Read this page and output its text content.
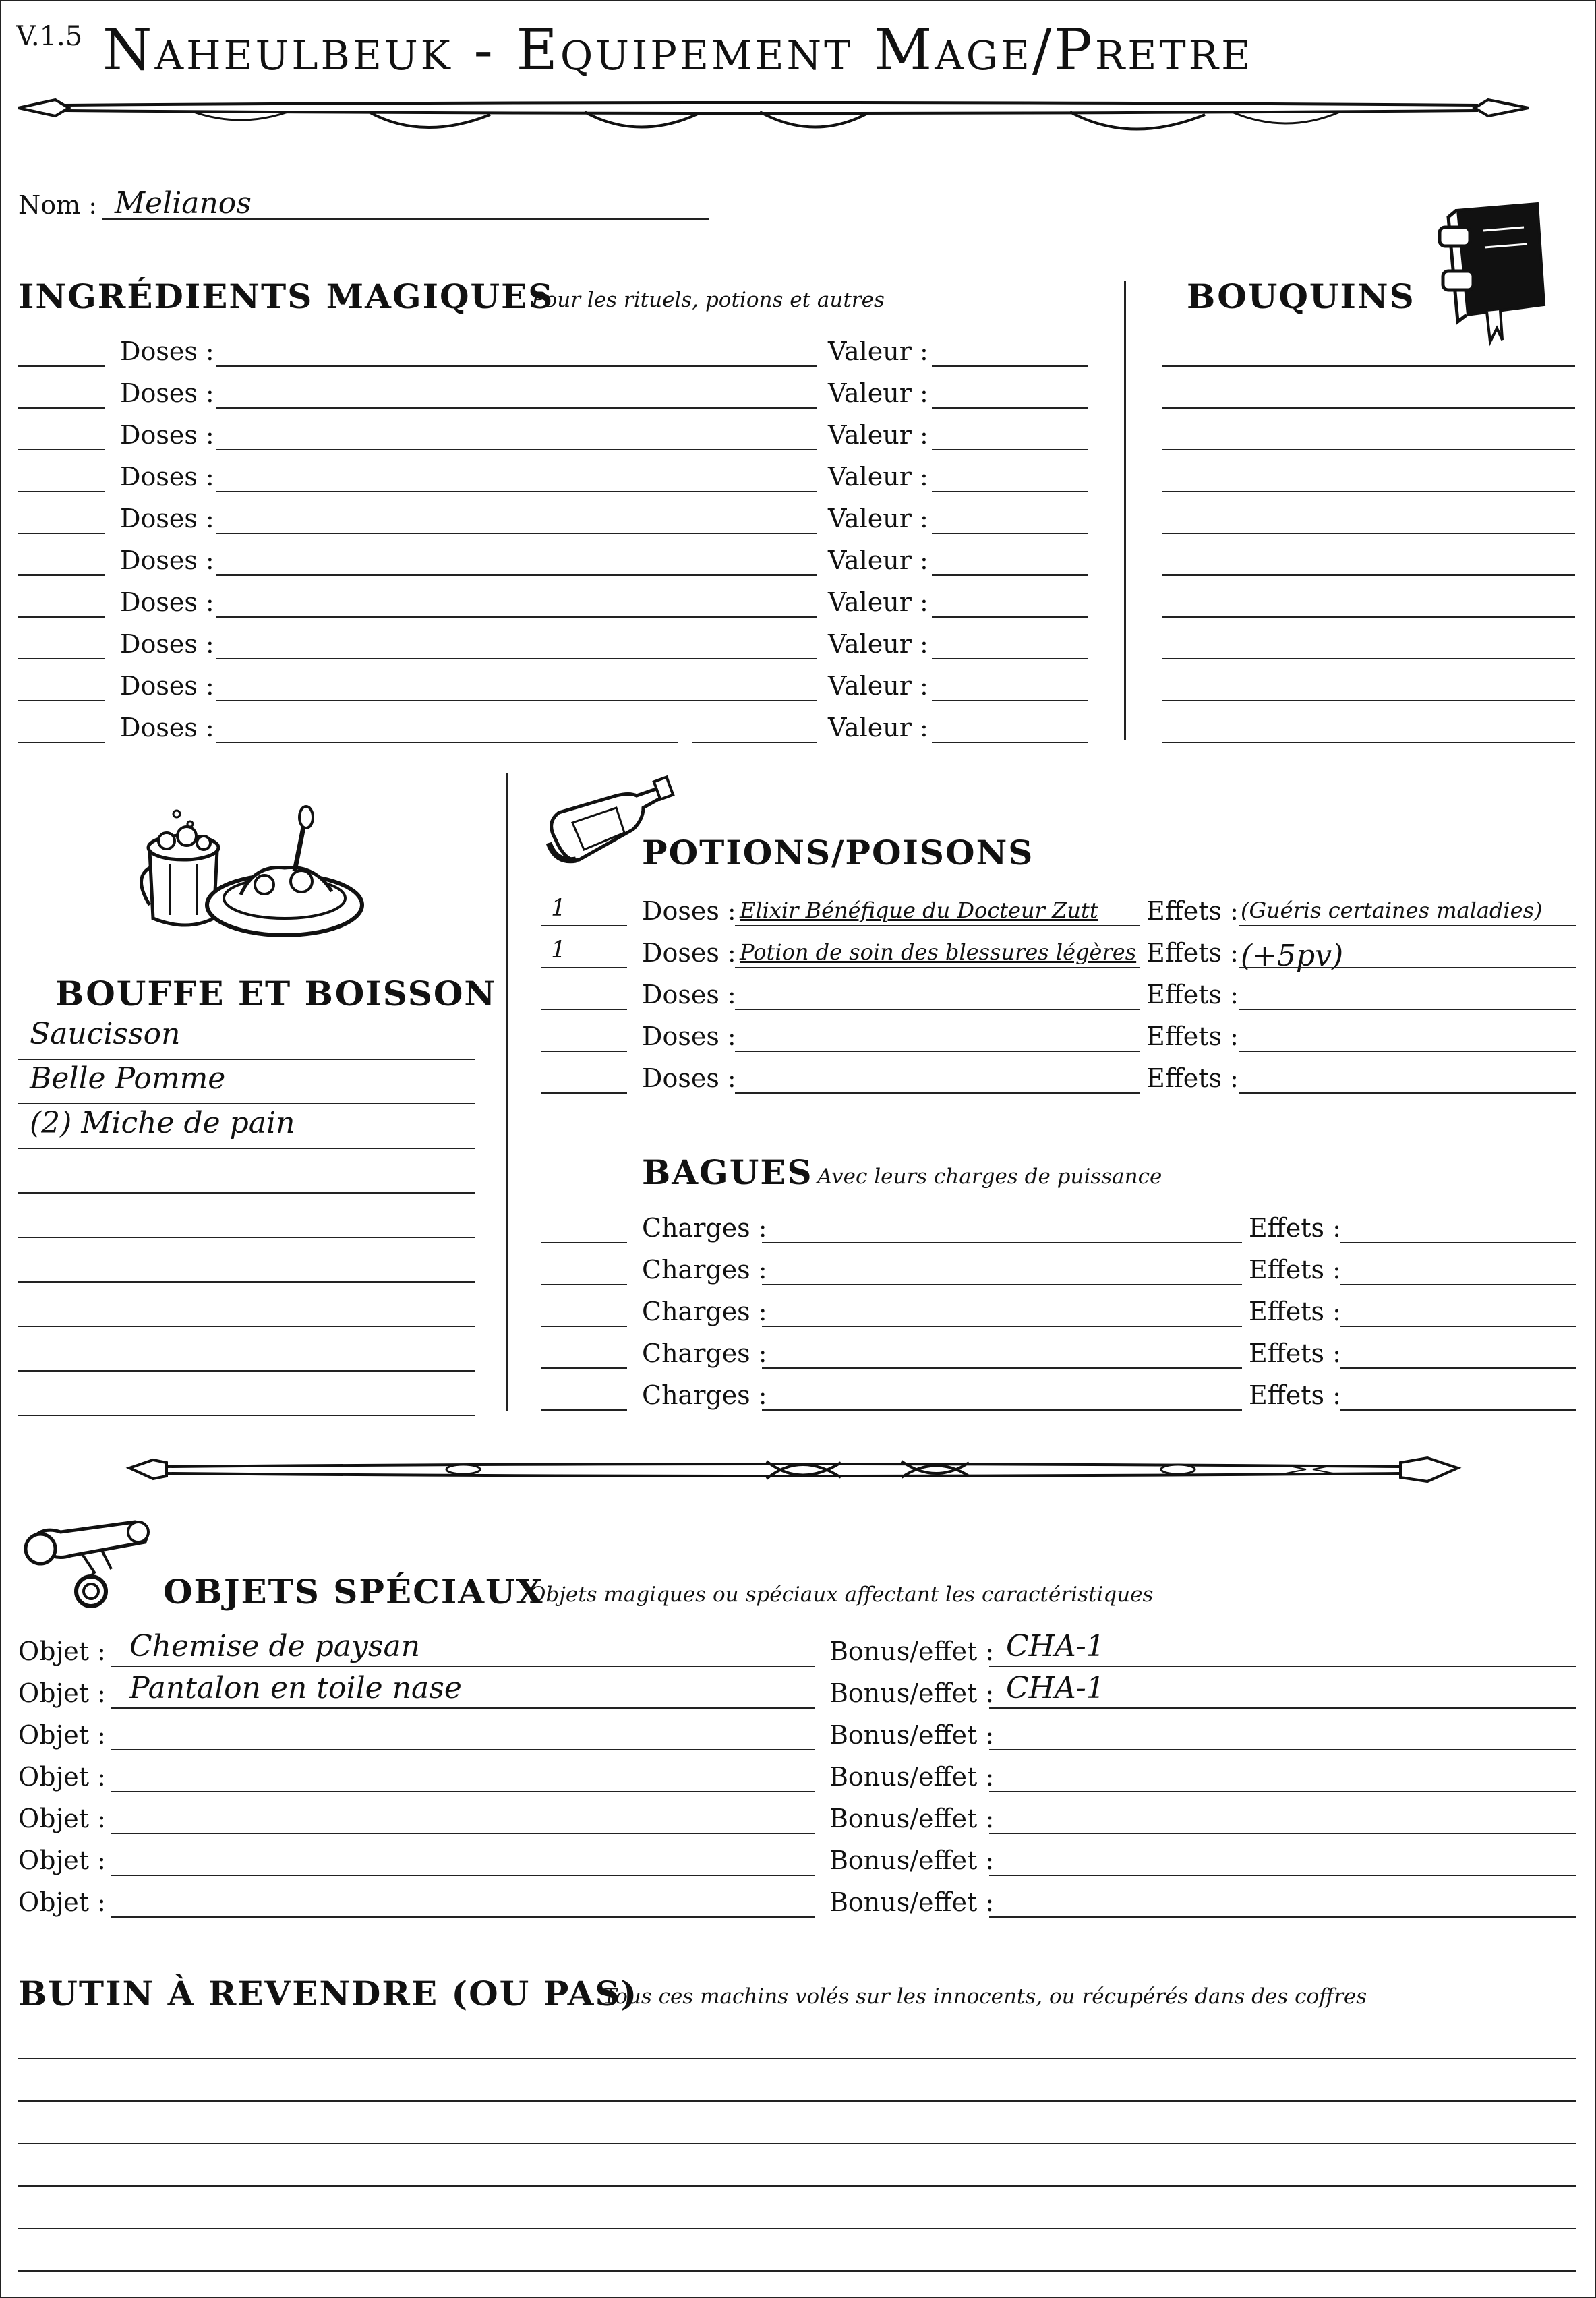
V.1.5 Naheulbeuk - Equipement Mage/Pretre
Nom : Melianos
INGRÉDIENTS MAGIQUES
Pour les rituels, potions et autres
Doses :	Valeur :
Doses :	Valeur :
Doses :	Valeur :
Doses :	Valeur :
Doses :	Valeur :
Doses :	Valeur :
Doses :	Valeur :
Doses :	Valeur :
Doses :	Valeur :
Doses :	Valeur :
BOUQUINS
BOUFFE ET BOISSON
Saucisson
Belle Pomme
(2) Miche de pain
POTIONS/POISONS
1	Doses : Elixir Bénéfique du Docteur Zutt Effets : (Guéris certaines maladies)
1	Doses : Potion de soin des blessures légères Effets : (+5pv)
Doses :	Effets :
Doses :	Effets :
Doses :	Effets :
BAGUES Avec leurs charges de puissance
Charges :	Effets :
Charges :	Effets :
Charges :	Effets :
Charges :	Effets :
Charges :	Effets :
OBJETS SPÉCIAUX
Objets magiques ou spéciaux affectant les caractéristiques
Objet : Chemise de paysan	Bonus/effet : CHA-1
Objet : Pantalon en toile nase	Bonus/effet : CHA-1
Objet :	Bonus/effet :
Objet :	Bonus/effet :
Objet :	Bonus/effet :
Objet :	Bonus/effet :
Objet :	Bonus/effet :
BUTIN À REVENDRE (OU PAS)
Tous ces machins volés sur les innocents, ou récupérés dans des coffres
